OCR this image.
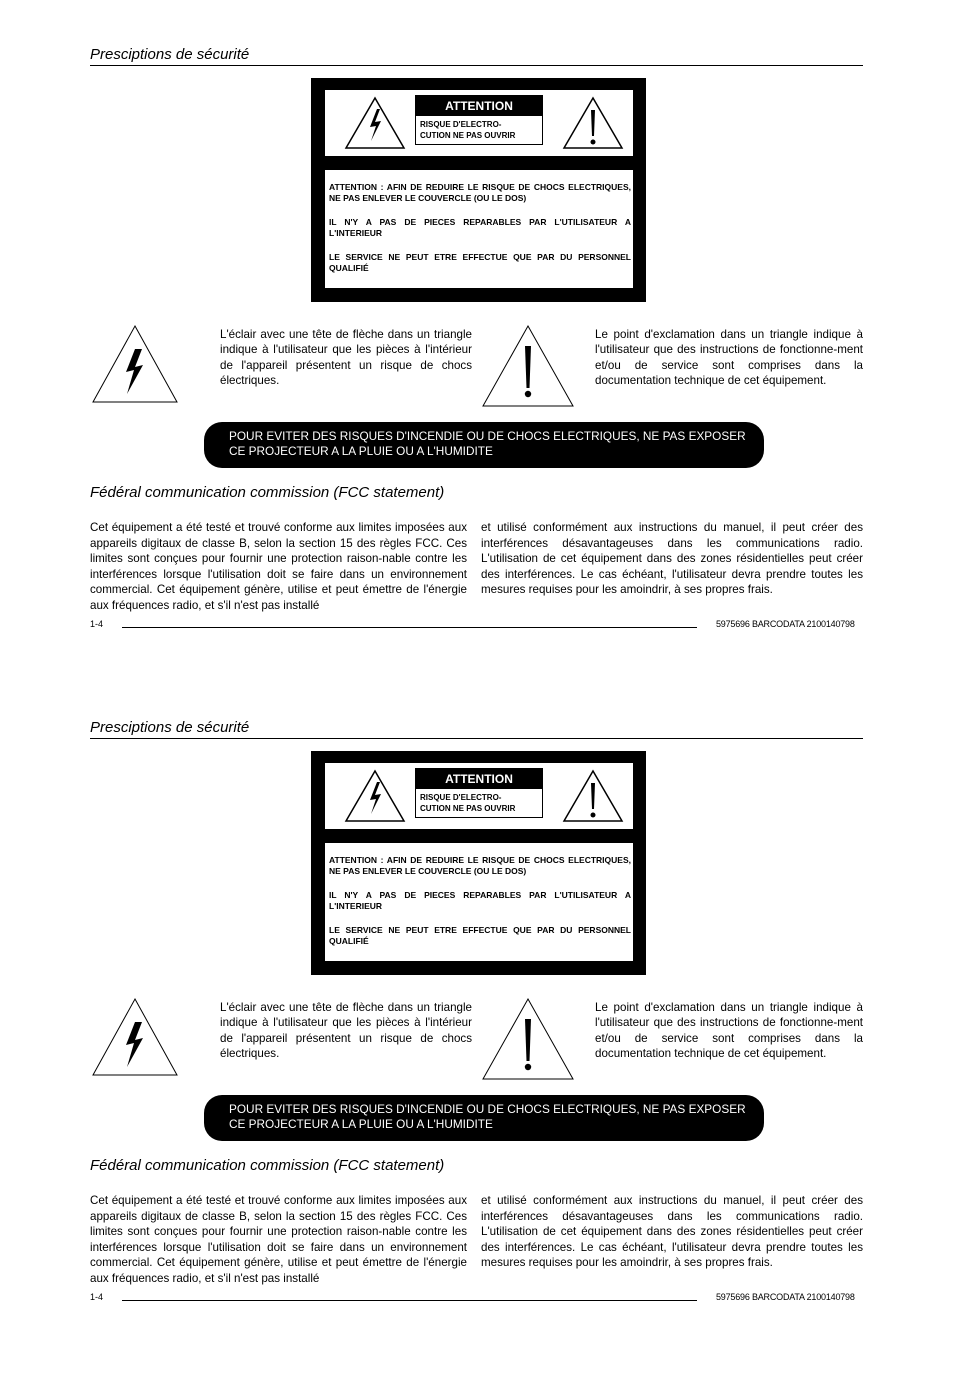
Presciptions de sécurité
ATTENTION
RISQUE D'ELECTRO-
CUTION NE PAS OUVRIR
ATTENTION : AFIN DE REDUIRE LE RISQUE DE CHOCS ELECTRIQUES, NE PAS ENLEVER LE COUVERCLE (OU LE DOS)
IL N'Y A PAS DE PIECES REPARABLES PAR L'UTILISATEUR A L'INTERIEUR
LE SERVICE NE PEUT ETRE EFFECTUE QUE PAR DU PERSONNEL QUALIFIÉ
L'éclair avec une tête de flèche dans un triangle indique à l'utilisateur que les pièces à l'intérieur de l'appareil présentent un risque de chocs électriques.
Le point d'exclamation dans un triangle indique à l'utilisateur que des instructions de fonctionne-ment et/ou de service sont comprises dans la documentation technique de cet équipement.
POUR EVITER DES RISQUES D'INCENDIE OU DE CHOCS ELECTRIQUES, NE PAS EXPOSER
CE PROJECTEUR A LA PLUIE OU A L'HUMIDITE
Fédéral communication commission (FCC statement)
Cet équipement a été testé et trouvé conforme aux limites imposées aux appareils digitaux de classe B, selon la section 15 des règles FCC. Ces limites sont conçues pour fournir une protection raison-nable contre les interférences lorsque l'utilisation doit se faire dans un environnement commercial. Cet équipement génère, utilise et peut émettre de l'énergie aux fréquences radio, et s'il n'est pas installé
et utilisé conformément aux instructions du manuel, il peut créer des interférences désavantageuses dans les communications radio. L'utilisation de cet équipement dans des zones résidentielles peut créer des interférences. Le cas échéant, l'utilisateur devra prendre toutes les mesures requises pour les amoindrir, à ses propres frais.
1-4	5975696 BARCODATA 2100140798
Presciptions de sécurité
ATTENTION
RISQUE D'ELECTRO-
CUTION NE PAS OUVRIR
ATTENTION : AFIN DE REDUIRE LE RISQUE DE CHOCS ELECTRIQUES, NE PAS ENLEVER LE COUVERCLE (OU LE DOS)
IL N'Y A PAS DE PIECES REPARABLES PAR L'UTILISATEUR A L'INTERIEUR
LE SERVICE NE PEUT ETRE EFFECTUE QUE PAR DU PERSONNEL QUALIFIÉ
L'éclair avec une tête de flèche dans un triangle indique à l'utilisateur que les pièces à l'intérieur de l'appareil présentent un risque de chocs électriques.
Le point d'exclamation dans un triangle indique à l'utilisateur que des instructions de fonctionne-ment et/ou de service sont comprises dans la documentation technique de cet équipement.
POUR EVITER DES RISQUES D'INCENDIE OU DE CHOCS ELECTRIQUES, NE PAS EXPOSER
CE PROJECTEUR A LA PLUIE OU A L'HUMIDITE
Fédéral communication commission (FCC statement)
Cet équipement a été testé et trouvé conforme aux limites imposées aux appareils digitaux de classe B, selon la section 15 des règles FCC. Ces limites sont conçues pour fournir une protection raison-nable contre les interférences lorsque l'utilisation doit se faire dans un environnement commercial. Cet équipement génère, utilise et peut émettre de l'énergie aux fréquences radio, et s'il n'est pas installé
et utilisé conformément aux instructions du manuel, il peut créer des interférences désavantageuses dans les communications radio. L'utilisation de cet équipement dans des zones résidentielles peut créer des interférences. Le cas échéant, l'utilisateur devra prendre toutes les mesures requises pour les amoindrir, à ses propres frais.
1-4	5975696 BARCODATA 2100140798
